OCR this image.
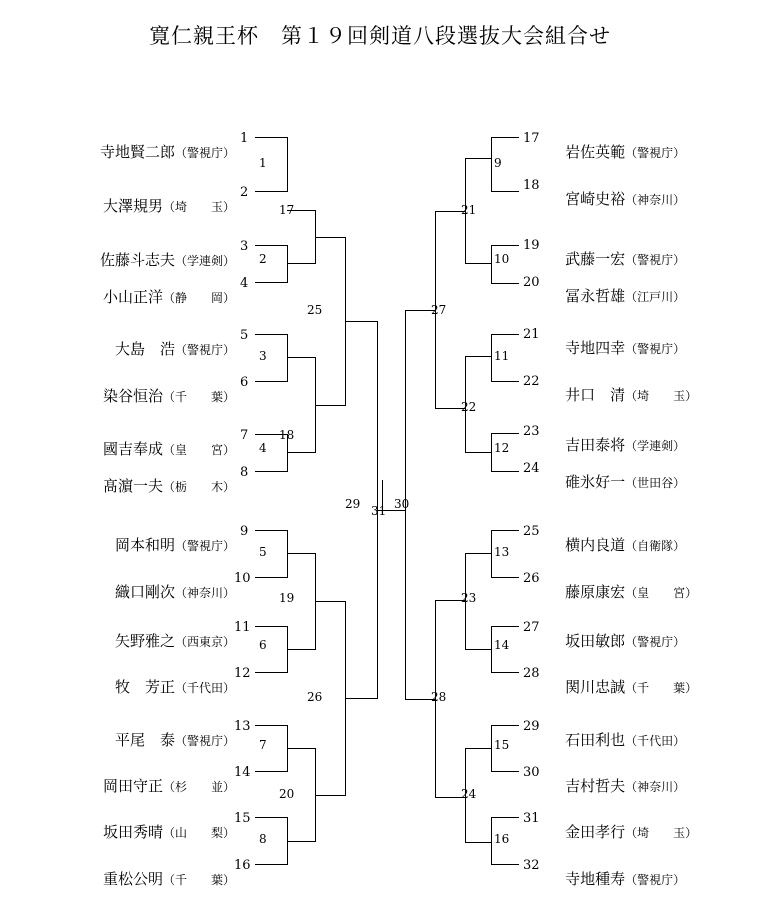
寛仁親王杯　第１９回剣道八段選抜大会組合せ

寺地賢二郎（警視庁）

1

大澤規男（埼　　玉）

2

佐藤斗志夫（学連剣）

3

小山正洋（静　　岡）

4

大島　浩（警視庁）

5

染谷恒治（千　　葉）

6

國吉奉成（皇　　宮）

7

髙濵一夫（栃　　木）

8

岡本和明（警視庁）

9

織口剛次（神奈川）

10

矢野雅之（西東京）

11

牧　芳正（千代田）

12

平尾　泰（警視庁）

13

岡田守正（杉　　並）

14

坂田秀晴（山　　梨）

15

重松公明（千　　葉）

16
17

岩佐英範（警視庁）

18

宮崎史裕（神奈川）

19

武藤一宏（警視庁）

20

冨永哲雄（江戸川）

21

寺地四幸（警視庁）

22

井口　清（埼　　玉）

23

吉田泰将（学連剣）

24

碓氷好一（世田谷）

25

横内良道（自衛隊）

26

藤原康宏（皇　　宮）

27

坂田敏郎（警視庁）

28

関川忠誠（千　　葉）

29

石田利也（千代田）

30

吉村哲夫（神奈川）

31

金田孝行（埼　　玉）

32

寺地種寿（警視庁）

1
2
3
4
5
6
7
8
17
18
19
20
25
26
29 31 30
27
28
21
22
23
24
9
10
11
12
13
14
15
16
